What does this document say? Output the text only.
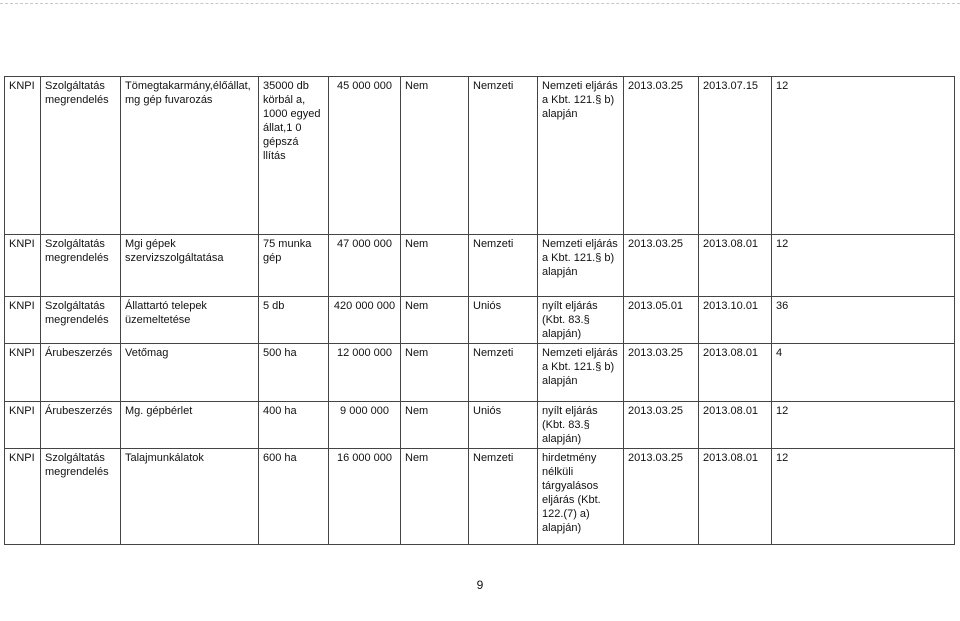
KNPI	Szolgáltatás megrendelés	Tömegtakarmány,élőállat, mg gép fuvarozás	35000 db körbál a, 1000 egyed állat,1 0 gépszá llítás	45 000 000	Nem	Nemzeti	Nemzeti eljárás a Kbt. 121.§ b) alapján	2013.03.25	2013.07.15	12
KNPI	Szolgáltatás megrendelés	Mgi gépek szervizszolgáltatása	75 munka gép	47 000 000	Nem	Nemzeti	Nemzeti eljárás a Kbt. 121.§ b) alapján	2013.03.25	2013.08.01	12
KNPI	Szolgáltatás megrendelés	Állattartó telepek üzemeltetése	5 db	420 000 000	Nem	Uniós	nyílt eljárás (Kbt. 83.§ alapján)	2013.05.01	2013.10.01	36
KNPI	Árubeszerzés	Vetőmag	500 ha	12 000 000	Nem	Nemzeti	Nemzeti eljárás a Kbt. 121.§ b) alapján	2013.03.25	2013.08.01	4
KNPI	Árubeszerzés	Mg. gépbérlet	400 ha	9 000 000	Nem	Uniós	nyílt eljárás (Kbt. 83.§ alapján)	2013.03.25	2013.08.01	12
KNPI	Szolgáltatás megrendelés	Talajmunkálatok	600 ha	16 000 000	Nem	Nemzeti	hirdetmény nélküli tárgyalásos eljárás (Kbt. 122.(7) a) alapján)	2013.03.25	2013.08.01	12
9
